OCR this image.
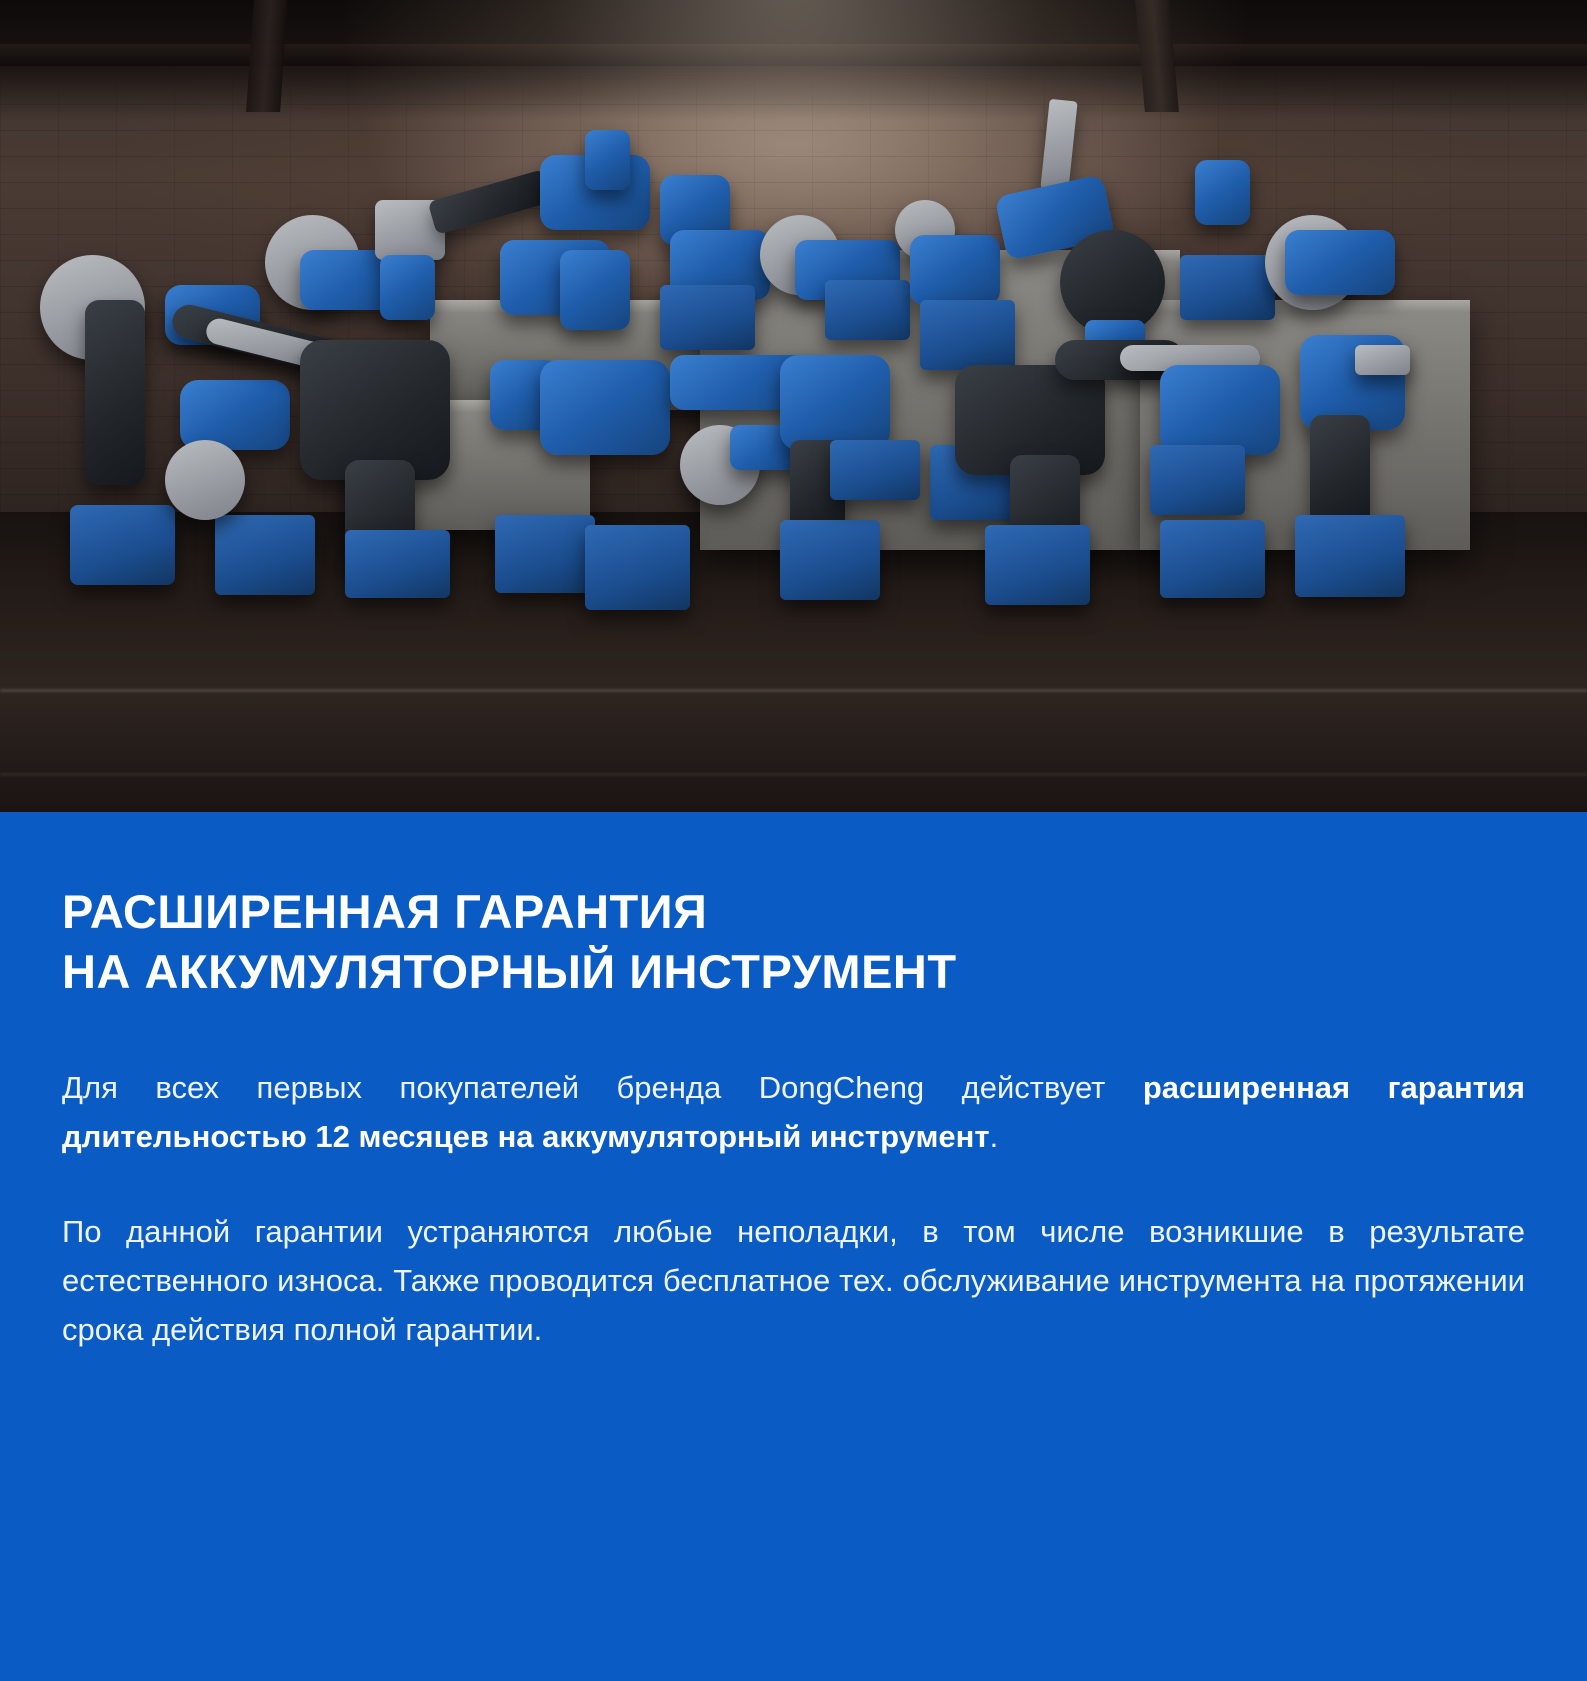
РАСШИРЕННАЯ ГАРАНТИЯ
НА АККУМУЛЯТОРНЫЙ ИНСТРУМЕНТ

Для всех первых покупателей бренда DongCheng действует расширенная гарантия длительностью 12 месяцев на аккумуляторный инструмент.

По данной гарантии устраняются любые неполадки, в том числе возникшие в результате естественного износа. Также проводится бесплатное тех. обслуживание инструмента на протяжении срока действия полной гарантии.
